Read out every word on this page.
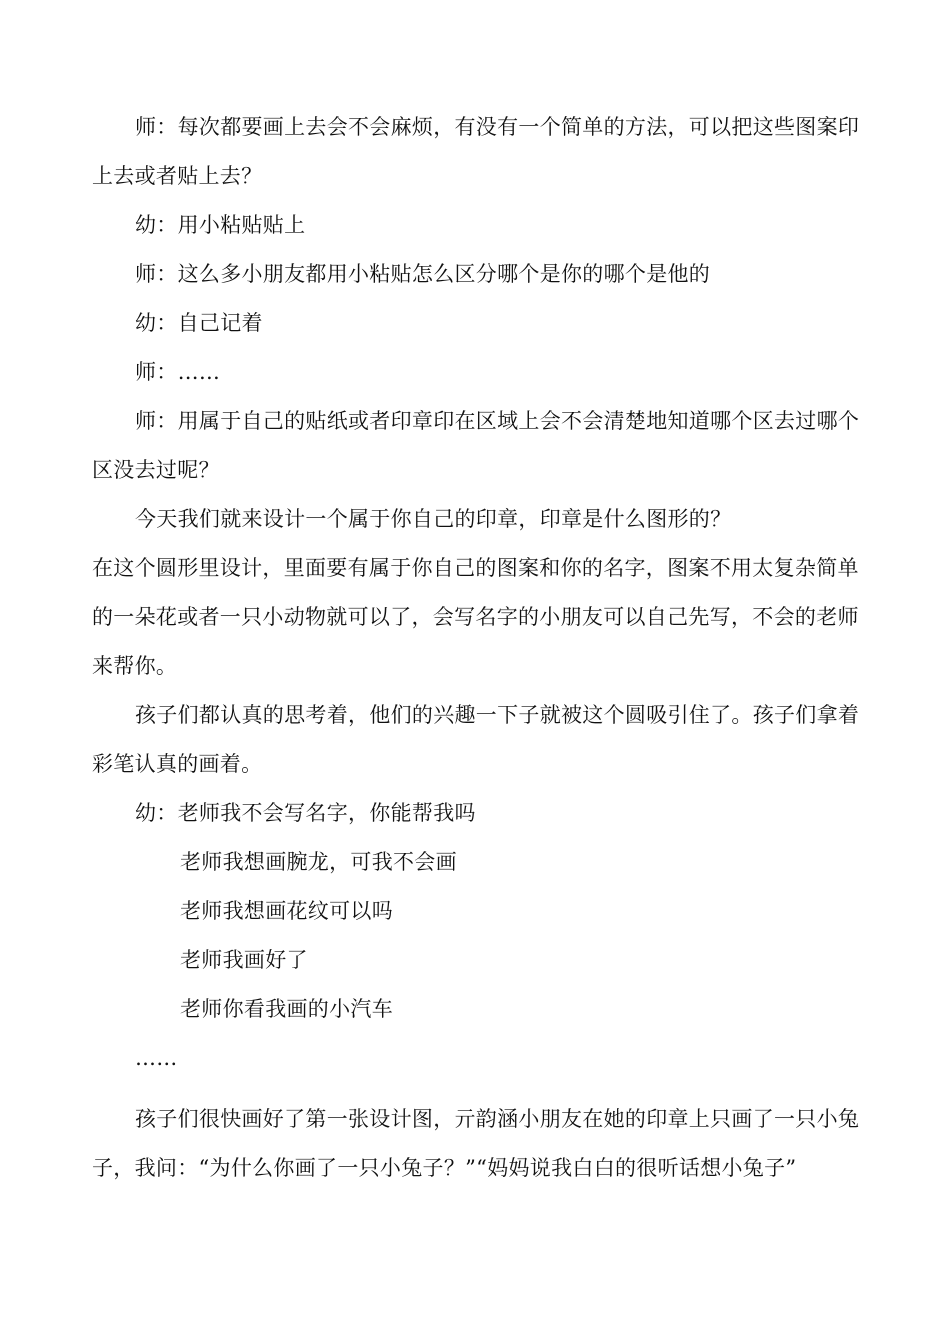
师：每次都要画上去会不会麻烦，有没有一个简单的方法，可以把这些图案印上去或者贴上去？

幼：用小粘贴贴上

师：这么多小朋友都用小粘贴怎么区分哪个是你的哪个是他的

幼：自己记着

师：……

师：用属于自己的贴纸或者印章印在区域上会不会清楚地知道哪个区去过哪个区没去过呢？

今天我们就来设计一个属于你自己的印章，印章是什么图形的？

在这个圆形里设计，里面要有属于你自己的图案和你的名字，图案不用太复杂简单的一朵花或者一只小动物就可以了，会写名字的小朋友可以自己先写，不会的老师来帮你。

孩子们都认真的思考着，他们的兴趣一下子就被这个圆吸引住了。孩子们拿着彩笔认真的画着。

幼：老师我不会写名字，你能帮我吗

老师我想画腕龙，可我不会画

老师我想画花纹可以吗

老师我画好了

老师你看我画的小汽车

……

孩子们很快画好了第一张设计图，亓韵涵小朋友在她的印章上只画了一只小兔子，我问：“为什么你画了一只小兔子？”“妈妈说我白白的很听话想小兔子”
